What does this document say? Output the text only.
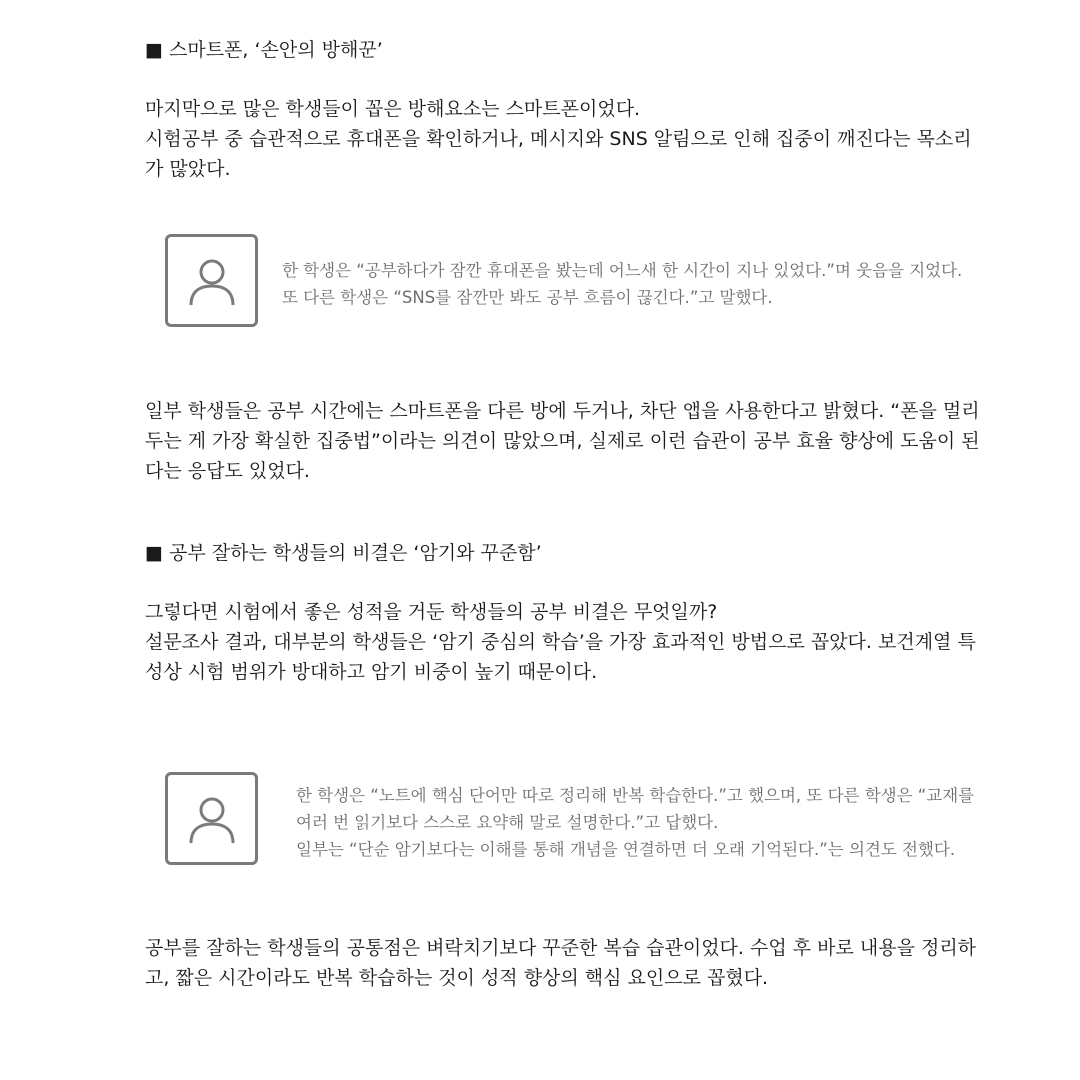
■ 스마트폰, ‘손안의 방해꾼’
마지막으로 많은 학생들이 꼽은 방해요소는 스마트폰이었다.
시험공부 중 습관적으로 휴대폰을 확인하거나, 메시지와 SNS 알림으로 인해 집중이 깨진다는 목소리
가 많았다.
한 학생은 “공부하다가 잠깐 휴대폰을 봤는데 어느새 한 시간이 지나 있었다.”며 웃음을 지었다.
또 다른 학생은 “SNS를 잠깐만 봐도 공부 흐름이 끊긴다.”고 말했다.
일부 학생들은 공부 시간에는 스마트폰을 다른 방에 두거나, 차단 앱을 사용한다고 밝혔다. “폰을 멀리
두는 게 가장 확실한 집중법”이라는 의견이 많았으며, 실제로 이런 습관이 공부 효율 향상에 도움이 된
다는 응답도 있었다.
■ 공부 잘하는 학생들의 비결은 ‘암기와 꾸준함’
그렇다면 시험에서 좋은 성적을 거둔 학생들의 공부 비결은 무엇일까?
설문조사 결과, 대부분의 학생들은 ‘암기 중심의 학습’을 가장 효과적인 방법으로 꼽았다. 보건계열 특
성상 시험 범위가 방대하고 암기 비중이 높기 때문이다.
한 학생은 “노트에 핵심 단어만 따로 정리해 반복 학습한다.”고 했으며, 또 다른 학생은 “교재를
여러 번 읽기보다 스스로 요약해 말로 설명한다.”고 답했다.
일부는 “단순 암기보다는 이해를 통해 개념을 연결하면 더 오래 기억된다.”는 의견도 전했다.
공부를 잘하는 학생들의 공통점은 벼락치기보다 꾸준한 복습 습관이었다. 수업 후 바로 내용을 정리하
고, 짧은 시간이라도 반복 학습하는 것이 성적 향상의 핵심 요인으로 꼽혔다.
